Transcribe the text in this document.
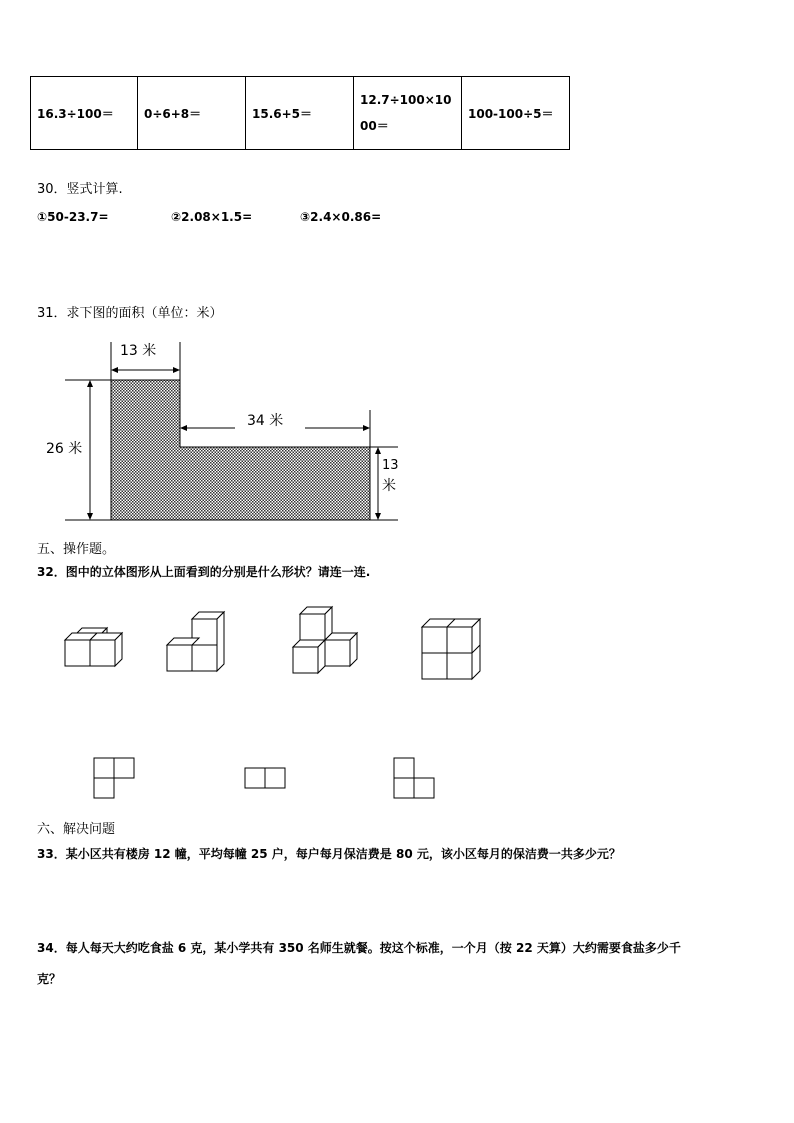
16.3÷100＝	0÷6+8＝	15.6+5＝	12.7÷100×1000＝	100-100÷5＝
30．竖式计算.
①50-23.7=	②2.08×1.5=	③2.4×0.86=
31．求下图的面积（单位：米）
13 米
34 米
26 米
13
米
五、操作题。
32．图中的立体图形从上面看到的分别是什么形状？请连一连.
六、解决问题
33．某小区共有楼房 12 幢，平均每幢 25 户，每户每月保洁费是 80 元，该小区每月的保洁费一共多少元？
34．每人每天大约吃食盐 6 克，某小学共有 350 名师生就餐。按这个标准，一个月（按 22 天算）大约需要食盐多少千
克？
